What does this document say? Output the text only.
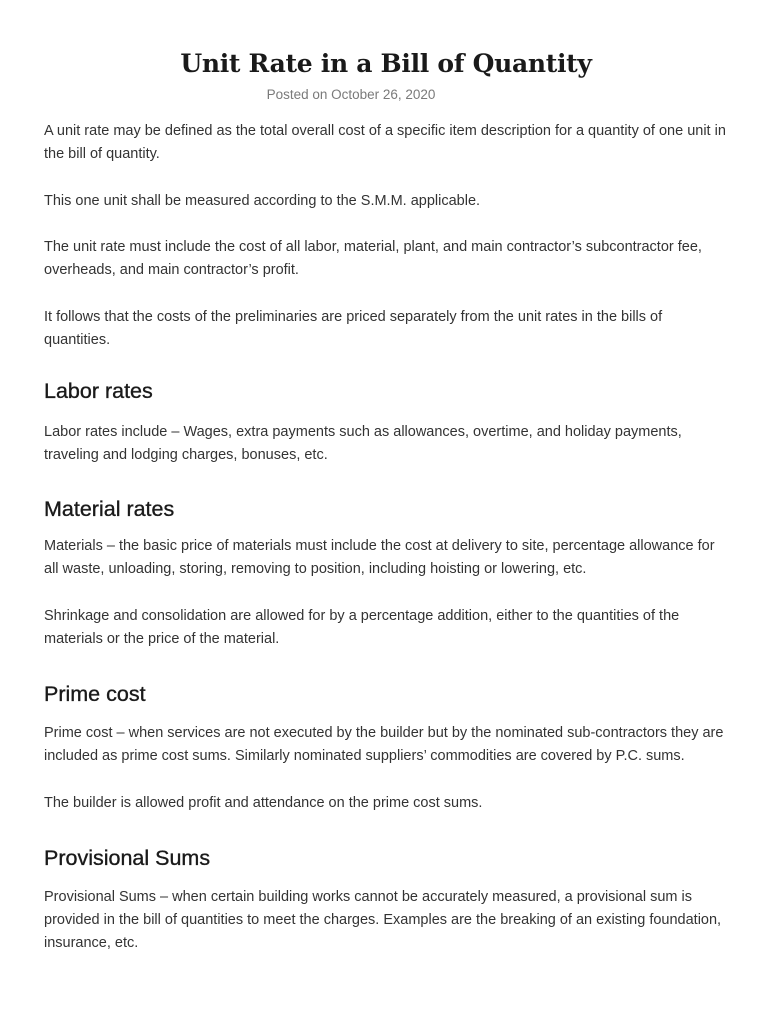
Unit Rate in a Bill of Quantity
Posted on October 26, 2020

A unit rate may be defined as the total overall cost of a specific item description for a quantity of one unit in the bill of quantity.

This one unit shall be measured according to the S.M.M. applicable.

The unit rate must include the cost of all labor, material, plant, and main contractor’s subcontractor fee, overheads, and main contractor’s profit.

It follows that the costs of the preliminaries are priced separately from the unit rates in the bills of quantities.

Labor rates

Labor rates include – Wages, extra payments such as allowances, overtime, and holiday payments, traveling and lodging charges, bonuses, etc.

Material rates

Materials – the basic price of materials must include the cost at delivery to site, percentage allowance for all waste, unloading, storing, removing to position, including hoisting or lowering, etc.

Shrinkage and consolidation are allowed for by a percentage addition, either to the quantities of the materials or the price of the material.

Prime cost

Prime cost – when services are not executed by the builder but by the nominated sub-contractors they are included as prime cost sums. Similarly nominated suppliers’ commodities are covered by P.C. sums.

The builder is allowed profit and attendance on the prime cost sums.

Provisional Sums

Provisional Sums – when certain building works cannot be accurately measured, a provisional sum is provided in the bill of quantities to meet the charges. Examples are the breaking of an existing foundation, insurance, etc.
